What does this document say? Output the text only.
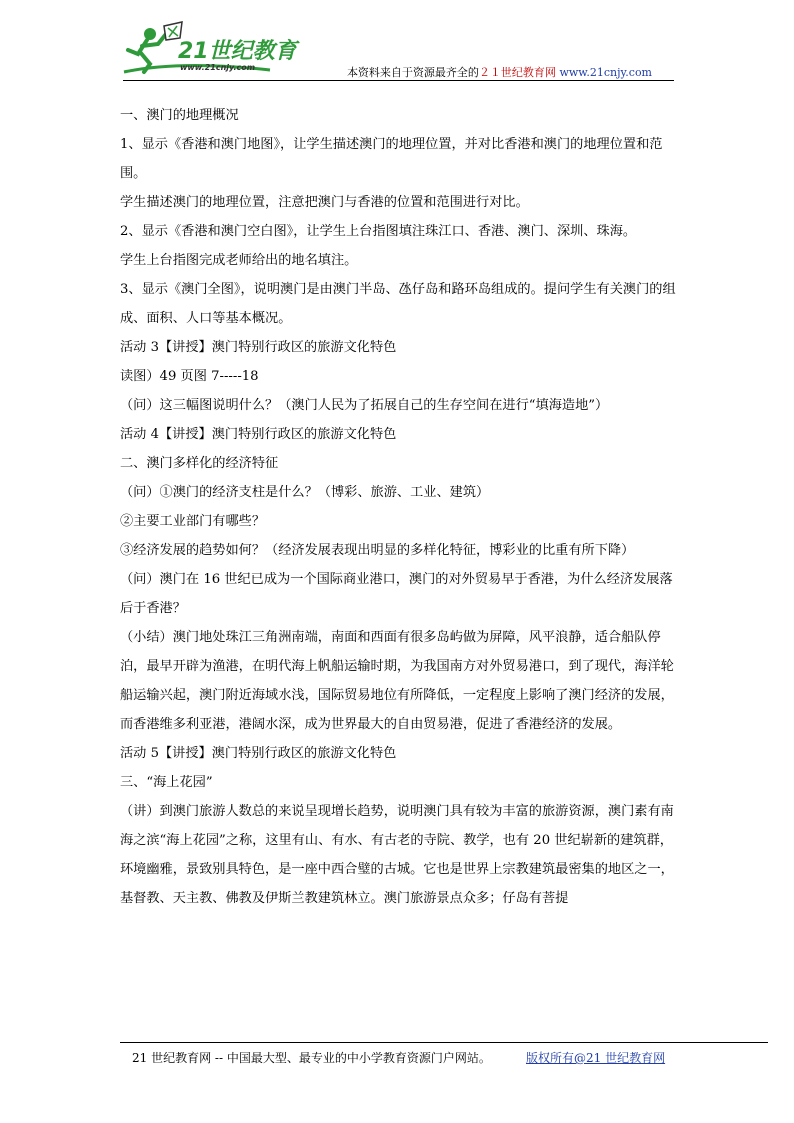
21世纪教育
www.21cnjy.com	本资料来自于资源最齐全的２１世纪教育网 www.21cnjy.com

一、澳门的地理概况

1、显示《香港和澳门地图》，让学生描述澳门的地理位置，并对比香港和澳门的地理位置和范围。

学生描述澳门的地理位置，注意把澳门与香港的位置和范围进行对比。

2、显示《香港和澳门空白图》，让学生上台指图填注珠江口、香港、澳门、深圳、珠海。

学生上台指图完成老师给出的地名填注。

3、显示《澳门全图》，说明澳门是由澳门半岛、氹仔岛和路环岛组成的。提问学生有关澳门的组成、面积、人口等基本概况。

活动 3【讲授】澳门特别行政区的旅游文化特色

读图）49 页图 7-----18

（问）这三幅图说明什么？（澳门人民为了拓展自己的生存空间在进行“填海造地”）

活动 4【讲授】澳门特别行政区的旅游文化特色

二、澳门多样化的经济特征

（问）①澳门的经济支柱是什么？（博彩、旅游、工业、建筑）

②主要工业部门有哪些？

③经济发展的趋势如何？（经济发展表现出明显的多样化特征，博彩业的比重有所下降）

（问）澳门在 16 世纪已成为一个国际商业港口，澳门的对外贸易早于香港，为什么经济发展落后于香港？

（小结）澳门地处珠江三角洲南端，南面和西面有很多岛屿做为屏障，风平浪静，适合船队停泊，最早开辟为渔港，在明代海上帆船运输时期，为我国南方对外贸易港口，到了现代，海洋轮船运输兴起，澳门附近海域水浅，国际贸易地位有所降低，一定程度上影响了澳门经济的发展，而香港维多利亚港，港阔水深，成为世界最大的自由贸易港，促进了香港经济的发展。

活动 5【讲授】澳门特别行政区的旅游文化特色

三、“海上花园”

（讲）到澳门旅游人数总的来说呈现增长趋势，说明澳门具有较为丰富的旅游资源，澳门素有南海之滨“海上花园”之称，这里有山、有水、有古老的寺院、教学，也有 20 世纪崭新的建筑群，环境幽雅，景致别具特色，是一座中西合璧的古城。它也是世界上宗教建筑最密集的地区之一，基督教、天主教、佛教及伊斯兰教建筑林立。澳门旅游景点众多；仔岛有菩提

21 世纪教育网 -- 中国最大型、最专业的中小学教育资源门户网站。	版权所有@21 世纪教育网
